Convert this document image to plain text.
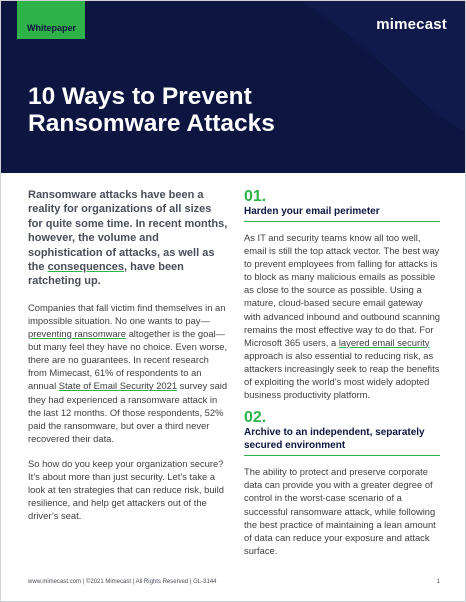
Whitepaper	mimecast
10 Ways to Prevent
Ransomware Attacks

Ransomware attacks have been a reality for organizations of all sizes for quite some time. In recent months, however, the volume and sophistication of attacks, as well as the consequences, have been ratcheting up.

Companies that fall victim find themselves in an impossible situation. No one wants to pay—preventing ransomware altogether is the goal—but many feel they have no choice. Even worse, there are no guarantees. In recent research from Mimecast, 61% of respondents to an annual State of Email Security 2021 survey said they had experienced a ransomware attack in the last 12 months. Of those respondents, 52% paid the ransomware, but over a third never recovered their data.

So how do you keep your organization secure? It’s about more than just security. Let’s take a look at ten strategies that can reduce risk, build resilience, and help get attackers out of the driver’s seat.

01.
Harden your email perimeter

As IT and security teams know all too well, email is still the top attack vector. The best way to prevent employees from falling for attacks is to block as many malicious emails as possible as close to the source as possible. Using a mature, cloud-based secure email gateway with advanced inbound and outbound scanning remains the most effective way to do that. For Microsoft 365 users, a layered email security approach is also essential to reducing risk, as attackers increasingly seek to reap the benefits of exploiting the world’s most widely adopted business productivity platform.

02.
Archive to an independent, separately secured environment

The ability to protect and preserve corporate data can provide you with a greater degree of control in the worst-case scenario of a successful ransomware attack, while following the best practice of maintaining a lean amount of data can reduce your exposure and attack surface.

www.mimecast.com | ©2021 Mimecast | All Rights Reserved | GL-3144	1
